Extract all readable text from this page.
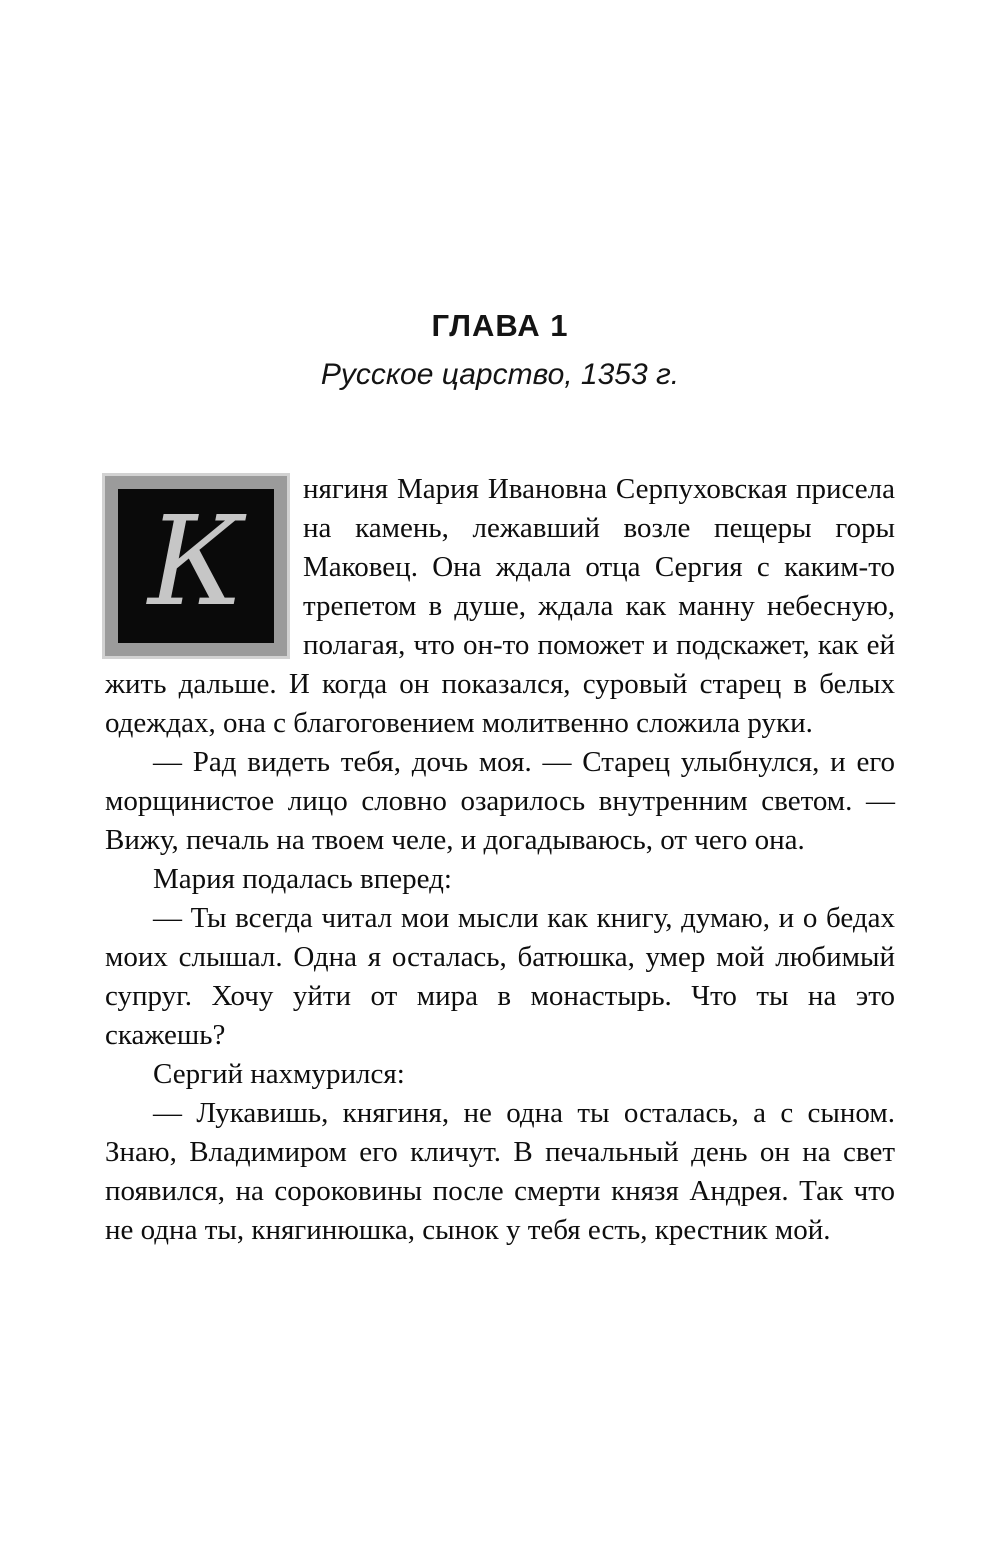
ГЛАВА 1
Русское царство, 1353 г.
К

нягиня Мария Ивановна Серпуховская присела на камень, лежавший возле пещеры горы Маковец. Она ждала отца Сергия с каким-то трепетом в душе, ждала как манну небесную, полагая, что он-то поможет и подскажет, как ей жить дальше. И когда он показался, суровый старец в белых одеждах, она с благоговением молитвенно сложила руки.

— Рад видеть тебя, дочь моя. — Старец улыбнулся, и его морщинистое лицо словно озарилось внутренним светом. — Вижу, печаль на твоем челе, и догадываюсь, от чего она.

Мария подалась вперед:

— Ты всегда читал мои мысли как книгу, думаю, и о бедах моих слышал. Одна я осталась, батюшка, умер мой любимый супруг. Хочу уйти от мира в монастырь. Что ты на это скажешь?

Сергий нахмурился:

— Лукавишь, княгиня, не одна ты осталась, а с сыном. Знаю, Владимиром его кличут. В печальный день он на свет появился, на сороковины после смерти князя Андрея. Так что не одна ты, княгинюшка, сынок у тебя есть, крестник мой.
